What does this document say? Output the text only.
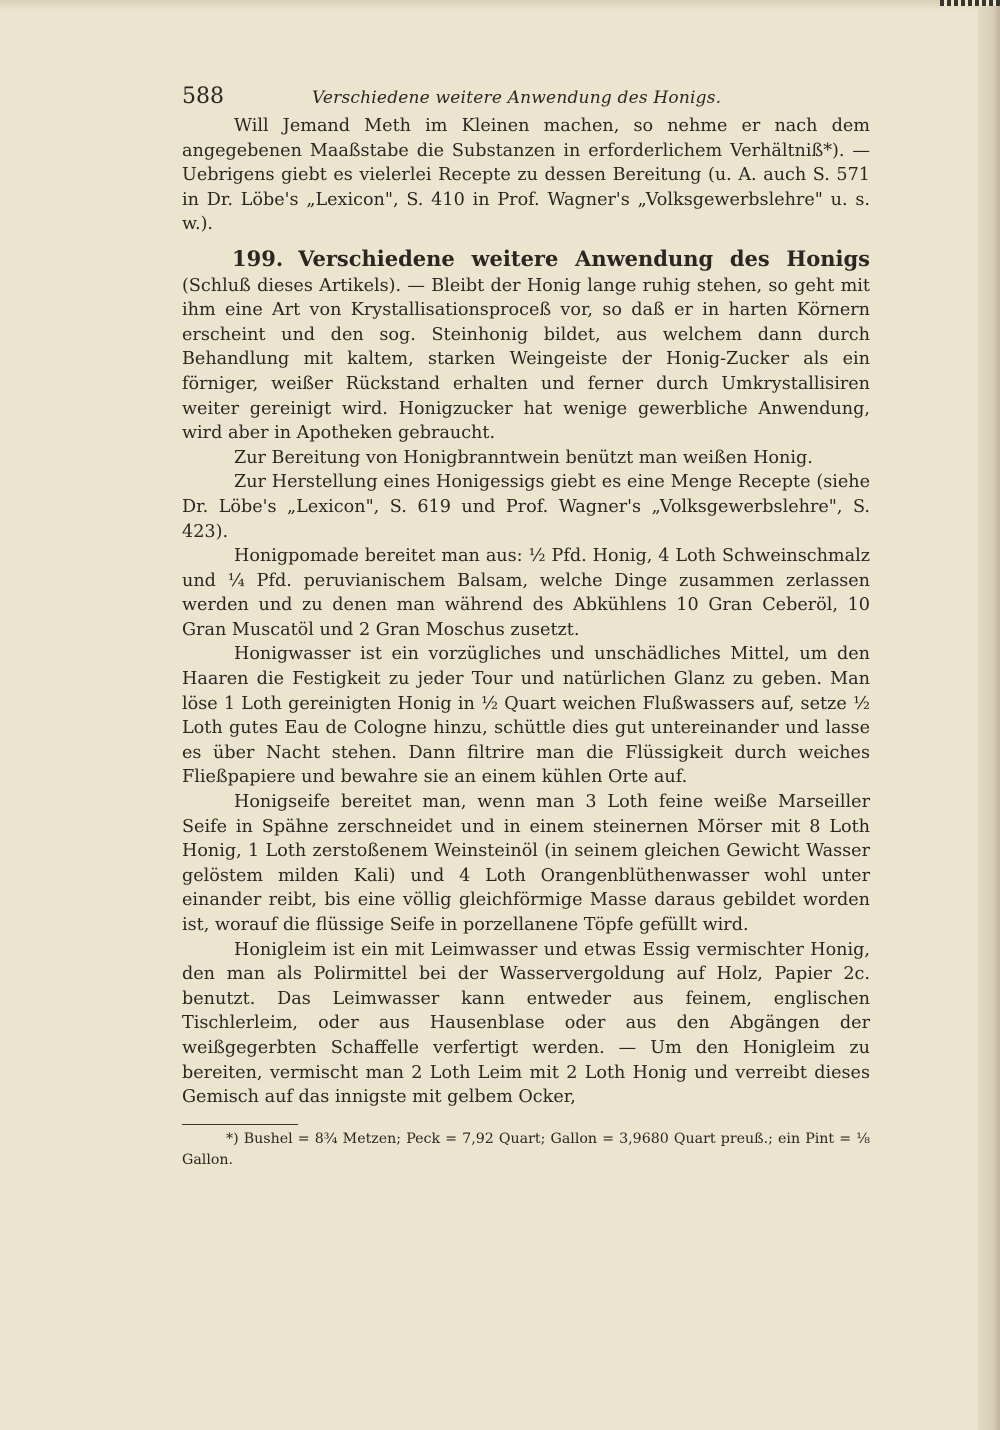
588	Verschiedene weitere Anwendung des Honigs.

Will Jemand Meth im Kleinen machen, so nehme er nach dem angegebenen Maaßstabe die Substanzen in erforderlichem Verhältniß*). — Uebrigens giebt es vielerlei Recepte zu dessen Bereitung (u. A. auch S. 571 in Dr. Löbe's „Lexicon", S. 410 in Prof. Wagner's „Volksgewerbslehre" u. s. w.).

199. Verschiedene weitere Anwendung des Honigs (Schluß dieses Artikels). — Bleibt der Honig lange ruhig stehen, so geht mit ihm eine Art von Krystallisationsproceß vor, so daß er in harten Körnern erscheint und den sog. Steinhonig bildet, aus welchem dann durch Behandlung mit kaltem, starken Weingeiste der Honig-Zucker als ein förniger, weißer Rückstand erhalten und ferner durch Umkrystallisiren weiter gereinigt wird. Honigzucker hat wenige gewerbliche Anwendung, wird aber in Apotheken gebraucht.

Zur Bereitung von Honigbranntwein benützt man weißen Honig.

Zur Herstellung eines Honigessigs giebt es eine Menge Recepte (siehe Dr. Löbe's „Lexicon", S. 619 und Prof. Wagner's „Volksgewerbslehre", S. 423).

Honigpomade bereitet man aus: ½ Pfd. Honig, 4 Loth Schweinschmalz und ¼ Pfd. peruvianischem Balsam, welche Dinge zusammen zerlassen werden und zu denen man während des Abkühlens 10 Gran Ceberöl, 10 Gran Muscatöl und 2 Gran Moschus zusetzt.

Honigwasser ist ein vorzügliches und unschädliches Mittel, um den Haaren die Festigkeit zu jeder Tour und natürlichen Glanz zu geben. Man löse 1 Loth gereinigten Honig in ½ Quart weichen Flußwassers auf, setze ½ Loth gutes Eau de Cologne hinzu, schüttle dies gut untereinander und lasse es über Nacht stehen. Dann filtrire man die Flüssigkeit durch weiches Fließpapiere und bewahre sie an einem kühlen Orte auf.

Honigseife bereitet man, wenn man 3 Loth feine weiße Marseiller Seife in Spähne zerschneidet und in einem steinernen Mörser mit 8 Loth Honig, 1 Loth zerstoßenem Weinsteinöl (in seinem gleichen Gewicht Wasser gelöstem milden Kali) und 4 Loth Orangenblüthenwasser wohl unter einander reibt, bis eine völlig gleichförmige Masse daraus gebildet worden ist, worauf die flüssige Seife in porzellanene Töpfe gefüllt wird.

Honigleim ist ein mit Leimwasser und etwas Essig vermischter Honig, den man als Polirmittel bei der Wasservergoldung auf Holz, Papier 2c. benutzt. Das Leimwasser kann entweder aus feinem, englischen Tischlerleim, oder aus Hausenblase oder aus den Abgängen der weißgegerbten Schaffelle verfertigt werden. — Um den Honigleim zu bereiten, vermischt man 2 Loth Leim mit 2 Loth Honig und verreibt dieses Gemisch auf das innigste mit gelbem Ocker,

*) Bushel = 8¾ Metzen; Peck = 7,92 Quart; Gallon = 3,9680 Quart preuß.; ein Pint = ⅛ Gallon.
